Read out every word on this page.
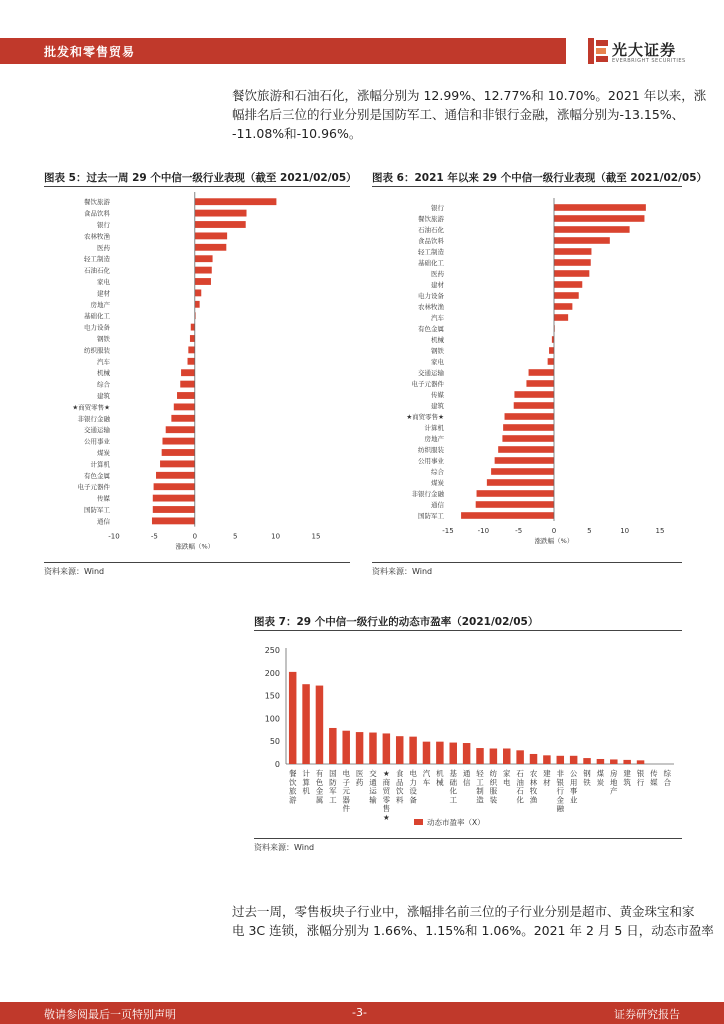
批发和零售贸易	光大证券
EVERBRIGHT SECURITIES

餐饮旅游和石油石化，涨幅分别为 12.99%、12.77%和 10.70%。2021 年以来，涨

幅排名后三位的行业分别是国防军工、通信和非银行金融，涨幅分别为-13.15%、

-11.08%和-10.96%。

图表 5：过去一周 29 个中信一级行业表现（截至 2021/02/05）
餐饮旅游
食品饮料
银行
农林牧渔
医药
轻工制造
石油石化
家电
建材
房地产
基础化工
电力设备
钢铁
纺织服装
汽车
机械
综合
建筑
★商贸零售★
非银行金融
交通运输
公用事业
煤炭
计算机
有色金属
电子元器件
传媒
国防军工
通信
-10	-5	0	5	10	15
涨跌幅（%）
资料来源：Wind
图表 6：2021 年以来 29 个中信一级行业表现（截至 2021/02/05）
银行
餐饮旅游
石油石化
食品饮料
轻工制造
基础化工
医药
建材
电力设备
农林牧渔
汽车
有色金属
机械
钢铁
家电
交通运输
电子元器件
传媒
建筑
★商贸零售★
计算机
房地产
纺织服装
公用事业
综合
煤炭
非银行金融
通信
国防军工
-15	-10	-5	0	5	10	15
涨跌幅（%）
资料来源：Wind
图表 7：29 个中信一级行业的动态市盈率（2021/02/05）
0
50
100
150
200
250
餐饮旅游
计算机
有色金属
国防军工
电子元器件
医药
交通运输
★商贸零售★
食品饮料
电力设备
汽车
机械
基础化工
通信
轻工制造
纺织服装
家电
石油石化
农林牧渔
建材
非银行金融
公用事业
钢铁
煤炭
房地产
建筑
银行
传媒
综合
动态市盈率（X）
资料来源：Wind

过去一周，零售板块子行业中，涨幅排名前三位的子行业分别是超市、黄金珠宝和家

电 3C 连锁，涨幅分别为 1.66%、1.15%和 1.06%。2021 年 2 月 5 日，动态市盈率

敬请参阅最后一页特别声明	-3-	证券研究报告
